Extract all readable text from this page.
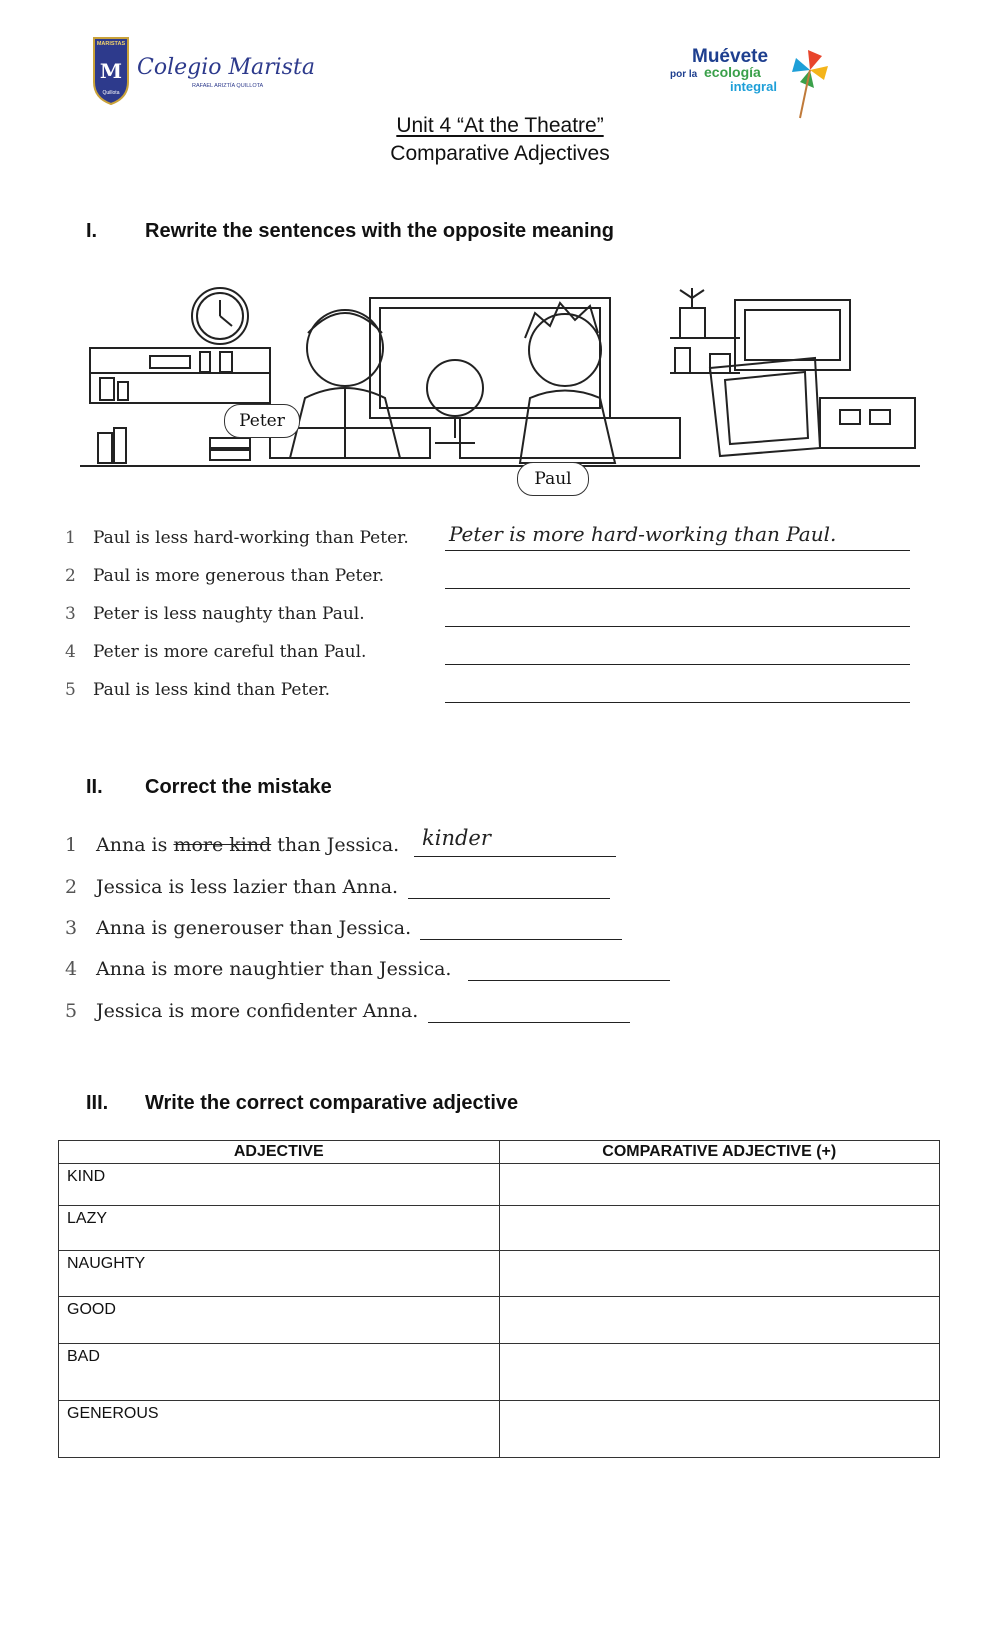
MARISTAS
M
Quillota
Colegio Marista
RAFAEL ARIZTÍA QUILLOTA
Muévete
por la ecología
integral
Unit 4 “At the Theatre”
Comparative Adjectives
I. Rewrite the sentences with the opposite meaning
Peter
Paul
1 Paul is less hard-working than Peter. Peter is more hard-working than Paul.
2 Paul is more generous than Peter.
3 Peter is less naughty than Paul.
4 Peter is more careful than Paul.
5 Paul is less kind than Peter.
II. Correct the mistake
1 Anna is more kind than Jessica. kinder
2 Jessica is less lazier than Anna.
3 Anna is generouser than Jessica.
4 Anna is more naughtier than Jessica.
5 Jessica is more confidenter Anna.
III. Write the correct comparative adjective
ADJECTIVE	COMPARATIVE ADJECTIVE (+)
KIND	
LAZY	
NAUGHTY	
GOOD	
BAD	
GENEROUS	
